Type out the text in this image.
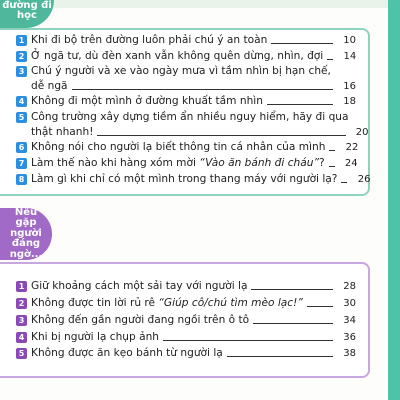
đường đi
học
1 Khi đi bộ trên đường luôn phải chú ý an toàn	10
2 Ở ngã tư, dù đèn xanh vẫn không quên dừng, nhìn, đợi	14
3 Chú ý người và xe vào ngày mưa vì tầm nhìn bị hạn chế,
dễ ngã	16
4 Không đi một mình ở đường khuất tầm nhìn	18
5 Công trường xây dựng tiềm ẩn nhiều nguy hiểm, hãy đi qua
thật nhanh!	20
6 Không nói cho người lạ biết thông tin cá nhân của mình	22
7 Làm thế nào khi hàng xóm mời “Vào ăn bánh đi cháu”?	24
8 Làm gì khi chỉ có một mình trong thang máy với người lạ?	26
Nếu gặp
người đáng
ngờ...
1 Giữ khoảng cách một sải tay với người lạ	28
2 Không được tin lời rủ rê “Giúp cô/chú tìm mèo lạc!”	30
3 Không đến gần người đang ngồi trên ô tô	34
4 Khi bị người lạ chụp ảnh	36
5 Không được ăn kẹo bánh từ người lạ	38
